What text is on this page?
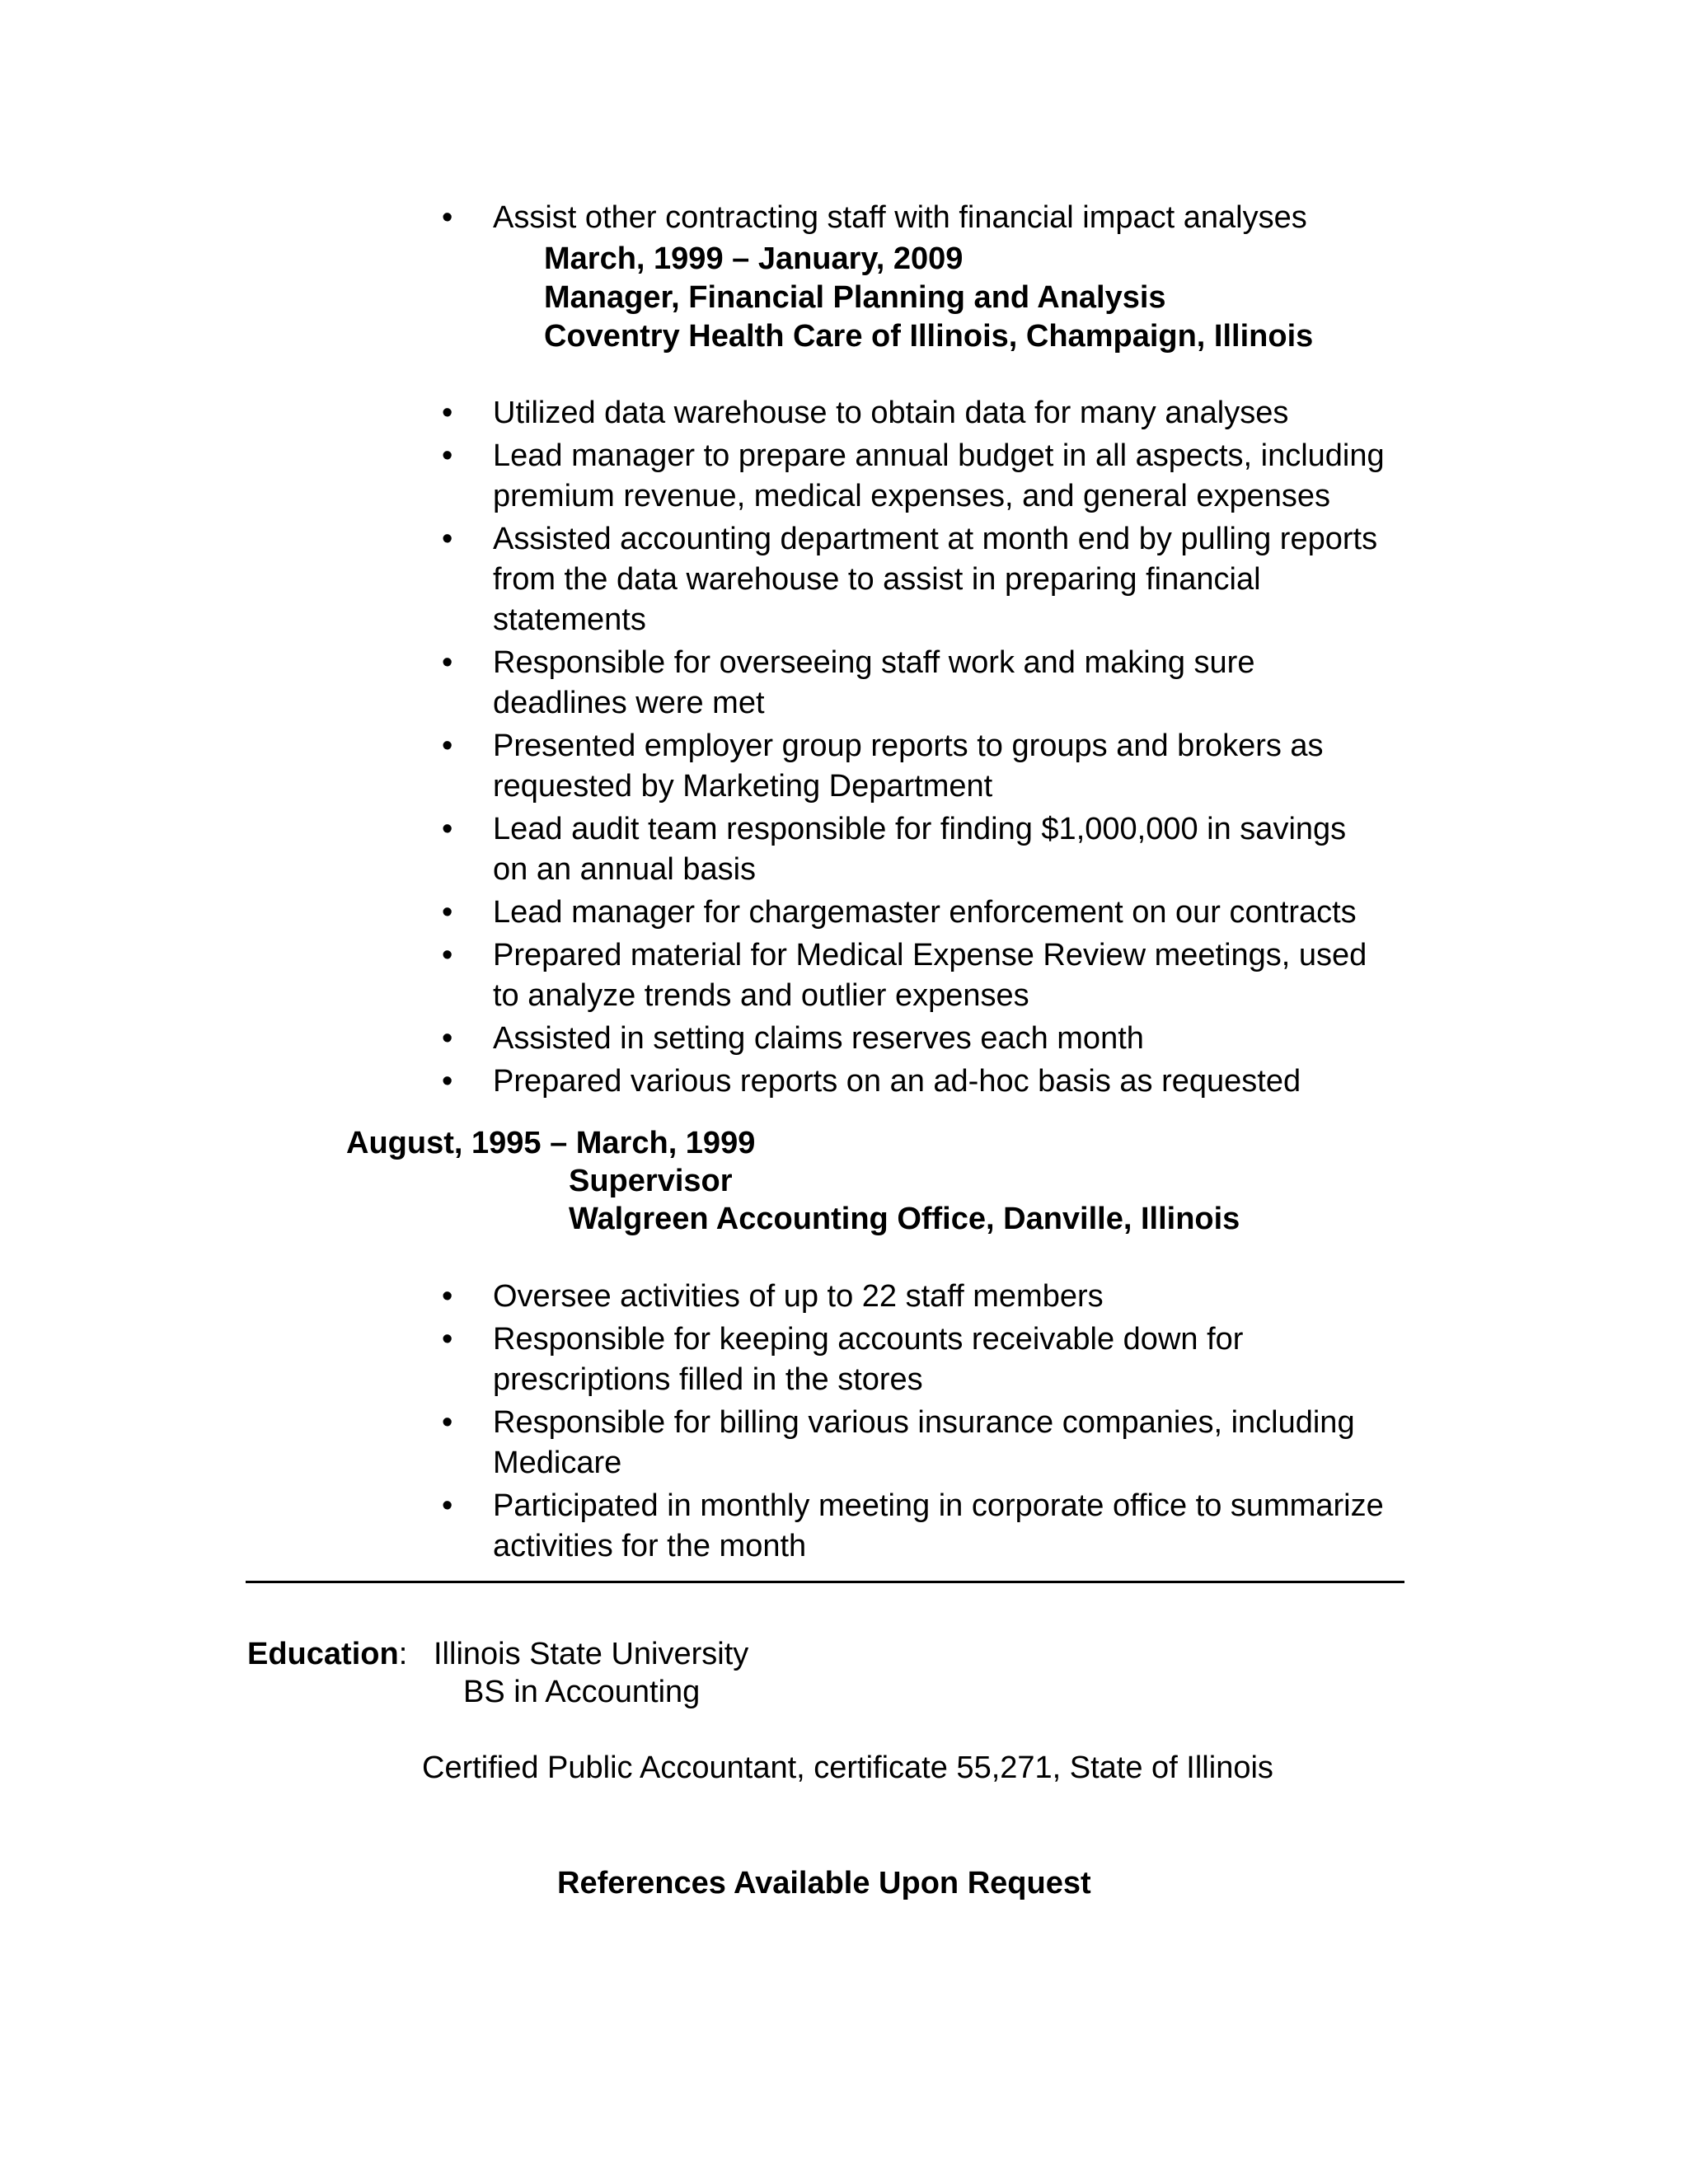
• Assist other contracting staff with financial impact analyses
March, 1999 – January, 2009
Manager, Financial Planning and Analysis
Coventry Health Care of Illinois, Champaign, Illinois
• Utilized data warehouse to obtain data for many analyses
• Lead manager to prepare annual budget in all aspects, including
premium revenue, medical expenses, and general expenses
• Assisted accounting department at month end by pulling reports
from the data warehouse to assist in preparing financial
statements
• Responsible for overseeing staff work and making sure
deadlines were met
• Presented employer group reports to groups and brokers as
requested by Marketing Department
• Lead audit team responsible for finding $1,000,000 in savings
on an annual basis
• Lead manager for chargemaster enforcement on our contracts
• Prepared material for Medical Expense Review meetings, used
to analyze trends and outlier expenses
• Assisted in setting claims reserves each month
• Prepared various reports on an ad-hoc basis as requested
August, 1995 – March, 1999
Supervisor
Walgreen Accounting Office, Danville, Illinois
• Oversee activities of up to 22 staff members
• Responsible for keeping accounts receivable down for
prescriptions filled in the stores
• Responsible for billing various insurance companies, including
Medicare
• Participated in monthly meeting in corporate office to summarize
activities for the month
Education: Illinois State University
BS in Accounting
Certified Public Accountant, certificate 55,271, State of Illinois
References Available Upon Request
